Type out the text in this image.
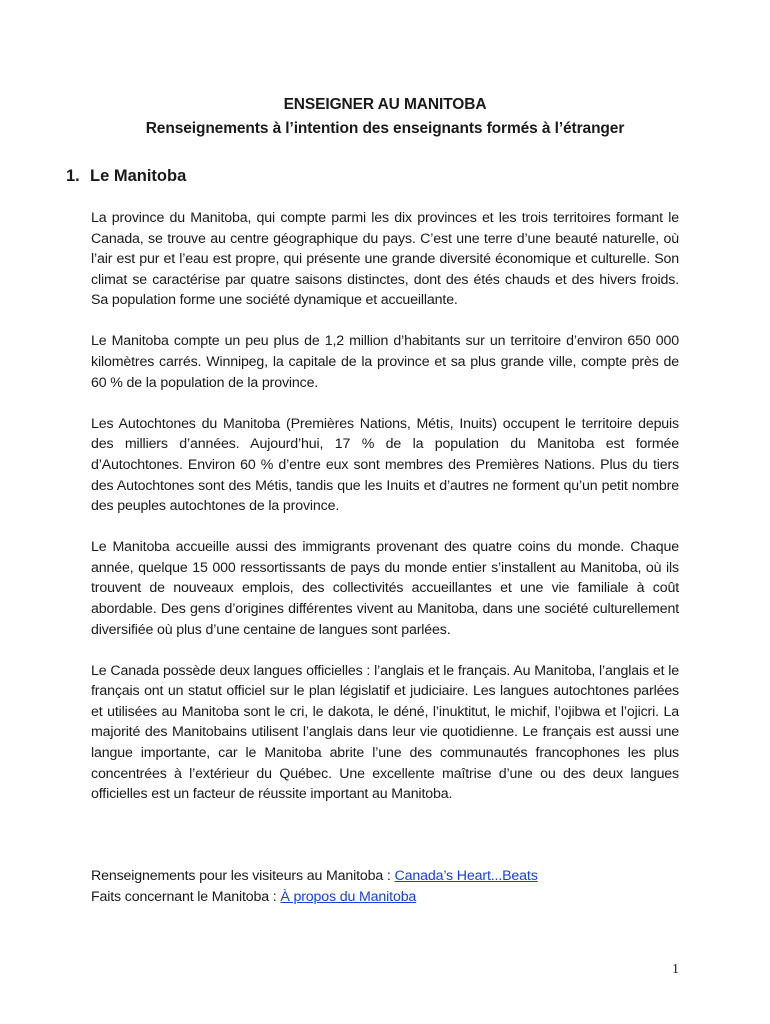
ENSEIGNER AU MANITOBA
Renseignements à l’intention des enseignants formés à l’étranger
1. Le Manitoba

La province du Manitoba, qui compte parmi les dix provinces et les trois territoires formant le Canada, se trouve au centre géographique du pays. C’est une terre d’une beauté naturelle, où l’air est pur et l’eau est propre, qui présente une grande diversité économique et culturelle. Son climat se caractérise par quatre saisons distinctes, dont des étés chauds et des hivers froids. Sa population forme une société dynamique et accueillante.

Le Manitoba compte un peu plus de 1,2 million d’habitants sur un territoire d’environ 650 000 kilomètres carrés. Winnipeg, la capitale de la province et sa plus grande ville, compte près de 60 % de la population de la province.

Les Autochtones du Manitoba (Premières Nations, Métis, Inuits) occupent le territoire depuis des milliers d’années. Aujourd’hui, 17 % de la population du Manitoba est formée d’Autochtones. Environ 60 % d’entre eux sont membres des Premières Nations. Plus du tiers des Autochtones sont des Métis, tandis que les Inuits et d’autres ne forment qu’un petit nombre des peuples autochtones de la province.

Le Manitoba accueille aussi des immigrants provenant des quatre coins du monde. Chaque année, quelque 15 000 ressortissants de pays du monde entier s’installent au Manitoba, où ils trouvent de nouveaux emplois, des collectivités accueillantes et une vie familiale à coût abordable. Des gens d’origines différentes vivent au Manitoba, dans une société culturellement diversifiée où plus d’une centaine de langues sont parlées.

Le Canada possède deux langues officielles : l’anglais et le français. Au Manitoba, l’anglais et le français ont un statut officiel sur le plan législatif et judiciaire. Les langues autochtones parlées et utilisées au Manitoba sont le cri, le dakota, le déné, l’inuktitut, le michif, l’ojibwa et l’ojicri. La majorité des Manitobains utilisent l’anglais dans leur vie quotidienne. Le français est aussi une langue importante, car le Manitoba abrite l’une des communautés francophones les plus concentrées à l’extérieur du Québec. Une excellente maîtrise d’une ou des deux langues officielles est un facteur de réussite important au Manitoba.

Renseignements pour les visiteurs au Manitoba : Canada’s Heart...Beats
Faits concernant le Manitoba : À propos du Manitoba
1
